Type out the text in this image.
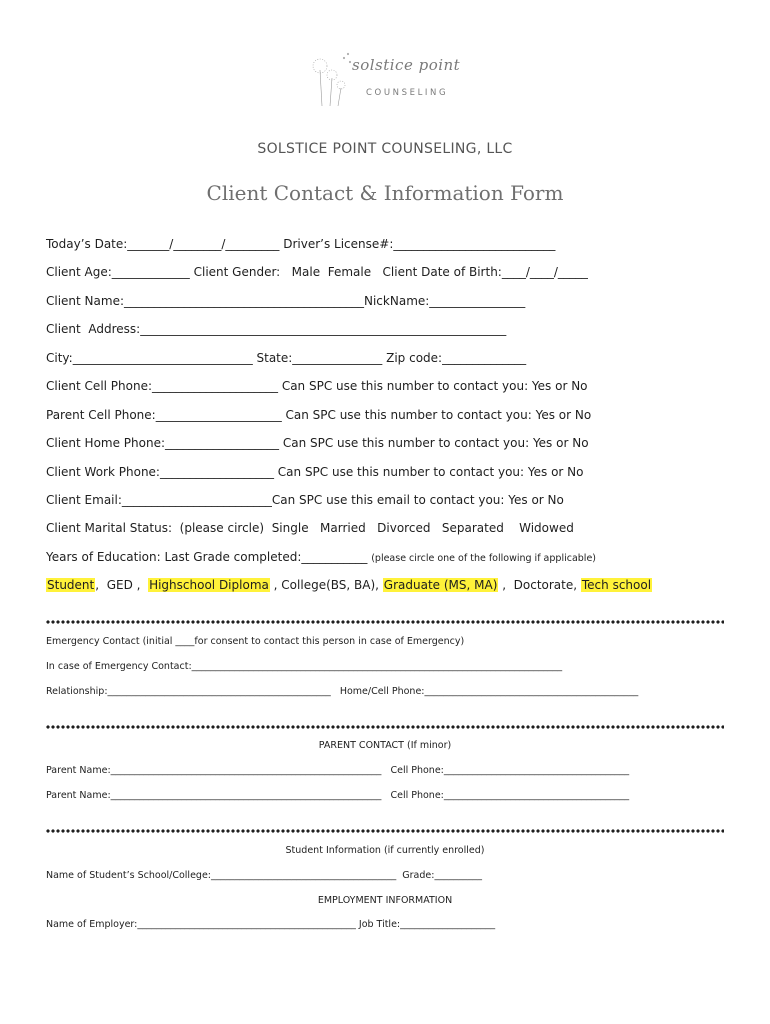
solstice point
COUNSELING
SOLSTICE POINT COUNSELING, LLC
Client Contact & Information Form
Today’s Date:_______/________/_________ Driver’s License#:___________________________
Client Age:_____________ Client Gender:   Male  Female   Client Date of Birth:____/____/_____
Client Name:________________________________________NickName:________________
Client  Address:_____________________________________________________________
City:______________________________ State:_______________ Zip code:______________
Client Cell Phone:_____________________ Can SPC use this number to contact you: Yes or No
Parent Cell Phone:_____________________ Can SPC use this number to contact you: Yes or No
Client Home Phone:___________________ Can SPC use this number to contact you: Yes or No
Client Work Phone:___________________ Can SPC use this number to contact you: Yes or No
Client Email:_________________________Can SPC use this email to contact you: Yes or No
Client Marital Status:  (please circle)  Single   Married   Divorced   Separated    Widowed
Years of Education: Last Grade completed:___________ (please circle one of the following if applicable)
Student,  GED ,  Highschool Diploma , College(BS, BA), Graduate (MS, MA) ,  Doctorate, Tech school
Emergency Contact (initial ____for consent to contact this person in case of Emergency)
In case of Emergency Contact:______________________________________________________________________________
Relationship:_______________________________________________   Home/Cell Phone:_____________________________________________
PARENT CONTACT (If minor)
Parent Name:_________________________________________________________   Cell Phone:_______________________________________
Parent Name:_________________________________________________________   Cell Phone:_______________________________________
Student Information (if currently enrolled)
Name of Student’s School/College:_______________________________________  Grade:__________
EMPLOYMENT INFORMATION
Name of Employer:______________________________________________ Job Title:____________________
